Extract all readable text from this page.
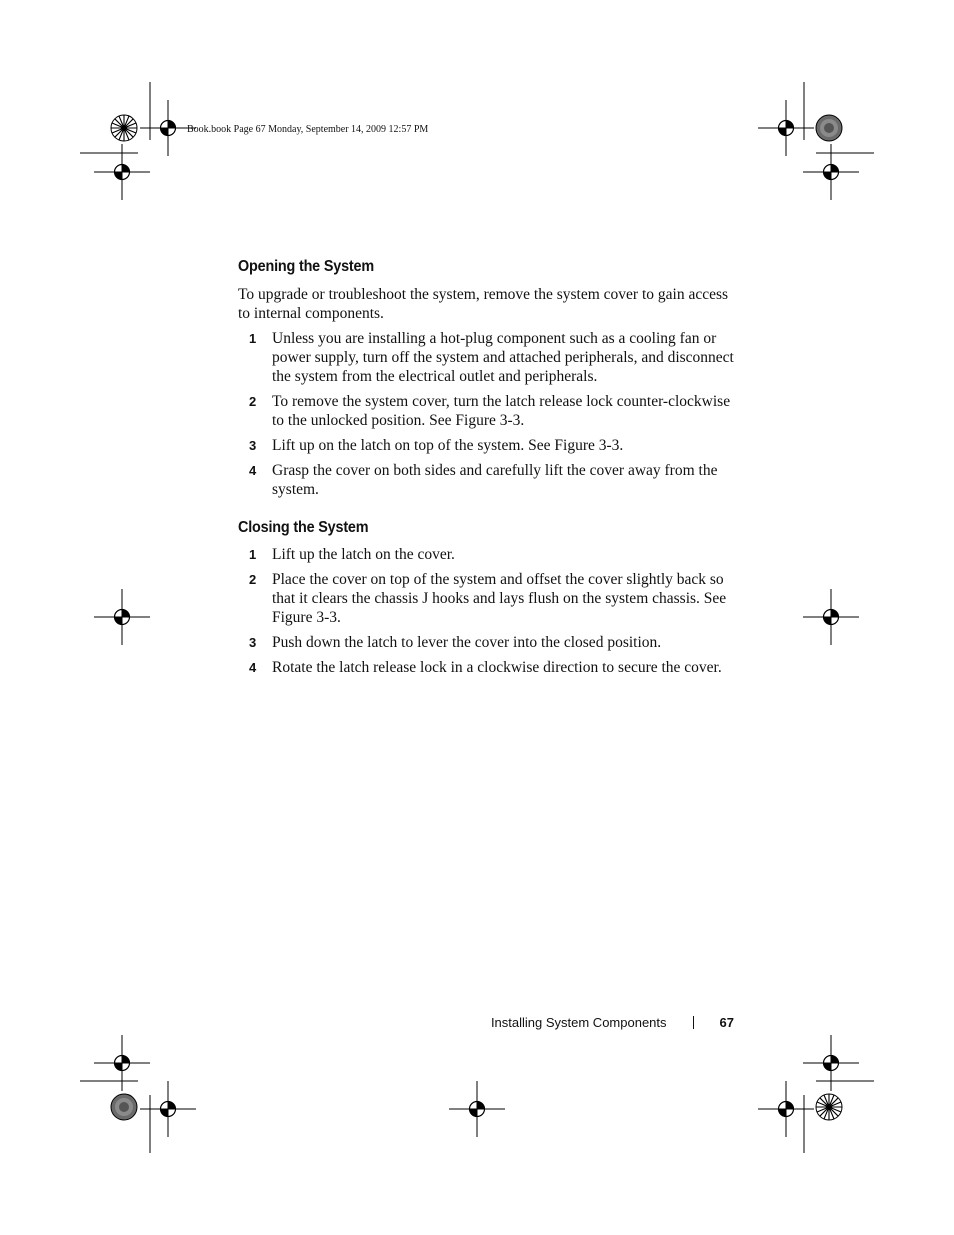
Book.book Page 67 Monday, September 14, 2009 12:57 PM
Opening the System

To upgrade or troubleshoot the system, remove the system cover to gain access to internal components.

1 Unless you are installing a hot-plug component such as a cooling fan or power supply, turn off the system and attached peripherals, and disconnect the system from the electrical outlet and peripherals.
2 To remove the system cover, turn the latch release lock counter-clockwise to the unlocked position. See Figure 3-3.
3 Lift up on the latch on top of the system. See Figure 3-3.
4 Grasp the cover on both sides and carefully lift the cover away from the system.
Closing the System
1 Lift up the latch on the cover.
2 Place the cover on top of the system and offset the cover slightly back so that it clears the chassis J hooks and lays flush on the system chassis. See Figure 3-3.
3 Push down the latch to lever the cover into the closed position.
4 Rotate the latch release lock in a clockwise direction to secure the cover.
Installing System Components	67
